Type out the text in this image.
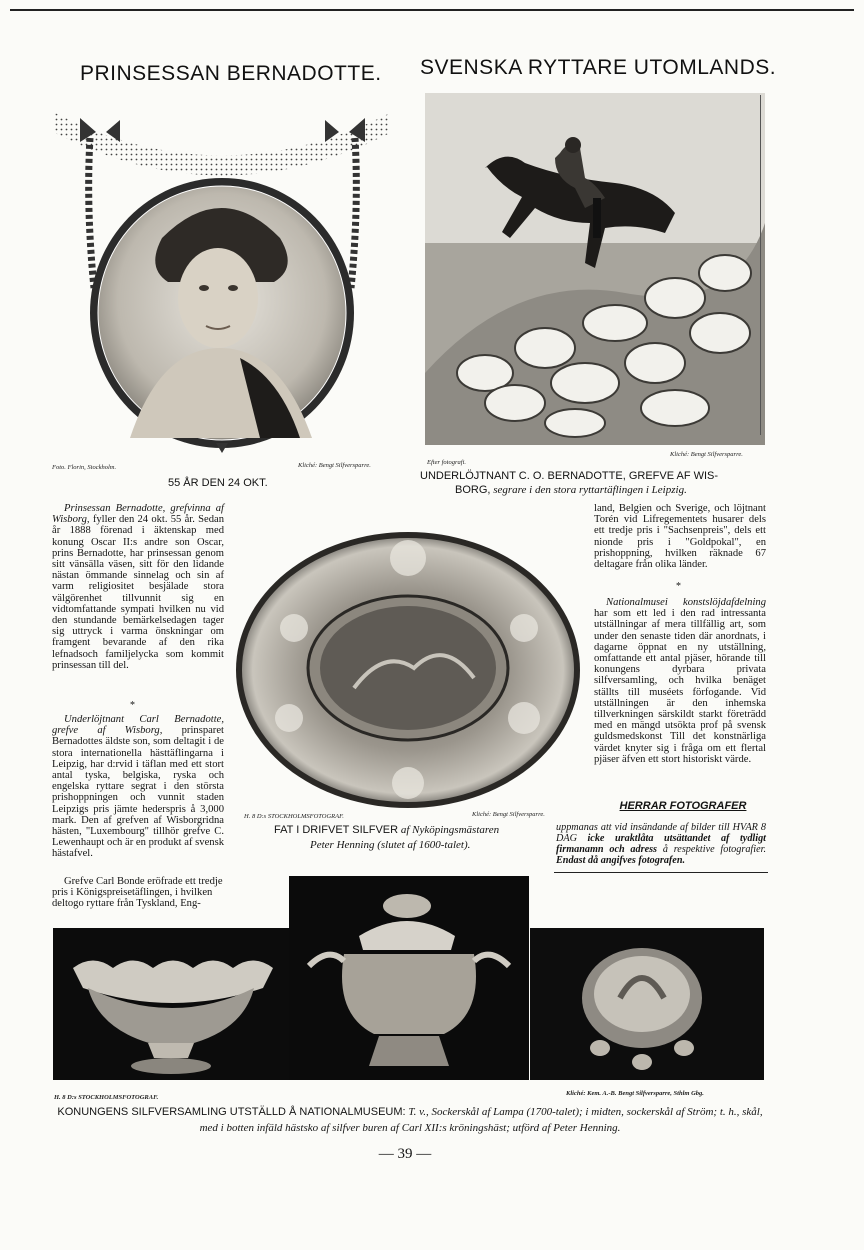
PRINSESSAN BERNADOTTE. SVENSKA RYTTARE UTOMLANDS.
Foto. Florin, Stockholm.	Kliché: Bengt Silfversparre.
55 ÅR DEN 24 OKT.
Efter fotografi.
Kliché: Bengt Silfversparre.
UNDERLÖJTNANT C. O. BERNADOTTE, GREFVE AF WIS-
BORG, segrare i den stora ryttartäflingen i Leipzig.

Prinsessan Bernadotte, grefvinna af Wisborg, fyller den 24 okt. 55 år. Sedan år 1888 förenad i äktenskap med konung Oscar II:s andre son Oscar, prins Bernadotte, har prinsessan genom sitt vänsälla väsen, sitt för den lidande nästan ömmande sinnelag och sin af varm religiositet besjälade stora välgörenhet tillvunnit sig en vidtomfattande sympati hvilken nu vid den stundande bemärkelsedagen tager sig uttryck i varma önskningar om framgent bevarande af den rika lefnadsoch familjelycka som kommit prinsessan till del.

*

Underlöjtnant Carl Bernadotte, grefve af Wisborg, prinsparet Bernadottes äldste son, som deltagit i de stora internationella hästtäflingarna i Leipzig, har d:rvid i täflan med ett stort antal tyska, belgiska, ryska och engelska ryttare segrat i den största prishoppningen och vunnit staden Leipzigs pris jämte hederspris å 3,000 mark. Den af grefven af Wisborgridna hästen, "Luxembourg" tillhör grefve C. Lewenhaupt och är en produkt af svensk hästafvel.

Grefve Carl Bonde eröfrade ett tredje
pris i Königspreisetäflingen, i hvilken
deltogo ryttare från Tyskland, Eng-
H. 8 D:s STOCKHOLMSFOTOGRAF.	Kliché: Bengt Silfversparre.
FAT I DRIFVET SILFVER af Nyköpingsmästaren
Peter Henning (slutet af 1600-talet).

land, Belgien och Sverige, och löjtnant Torén vid Lifregementets husarer dels ett tredje pris i "Sachsenpreis", dels ett nionde pris i "Goldpokal", en prishoppning, hvilken räknade 67 deltagare från olika länder.

*

Nationalmusei konstslöjdafdelning har som ett led i den rad intressanta utställningar af mera tillfällig art, som under den senaste tiden där anordnats, i dagarne öppnat en ny utställning, omfattande ett antal pjäser, hörande till konungens dyrbara privata silfversamling, och hvilka benäget ställts till muséets förfogande. Vid utställningen är den inhemska tillverkningen särskildt starkt företrädd med en mängd utsökta prof på svensk guldsmedskonst Till det konstnärliga värdet knyter sig i fråga om ett flertal pjäser äfven ett stort historiskt värde.

HERRAR FOTOGRAFER

uppmanas att vid insändande af bilder till HVAR 8 DAG icke uraktlåta utsättandet af tydligt firmanamn och adress å respektive fotografier. Endast då angifves fotografen.

H. 8 D:s STOCKHOLMSFOTOGRAF.
Kliché: Kem. A.-B. Bengt Silfversparre, Sthlm Gbg.
KONUNGENS SILFVERSAMLING UTSTÄLLD Å NATIONALMUSEUM: T. v., Sockerskål af Lampa (1700-talet); i midten, sockerskål af Ström; t. h., skål, med i botten infäld hästsko af silfver buren af Carl XII:s kröningshäst; utförd af Peter Henning.
— 39 —
